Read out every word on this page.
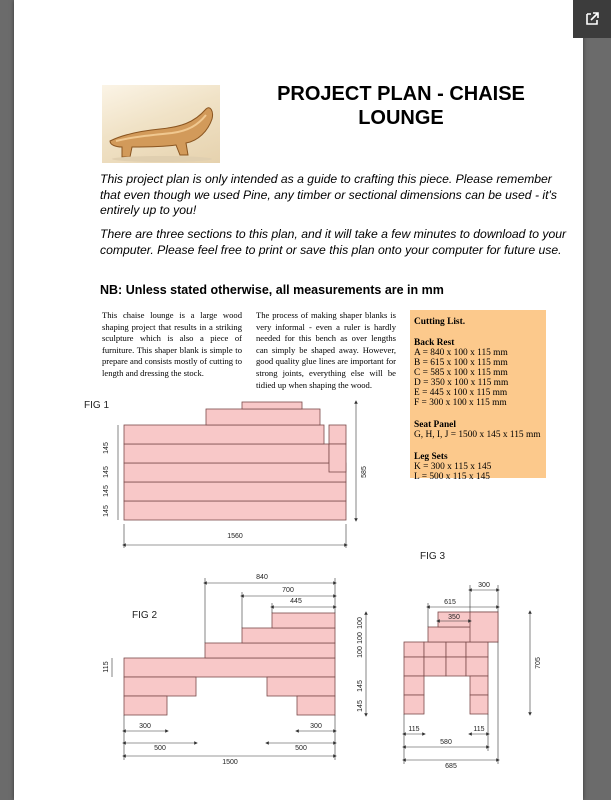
PROJECT PLAN - CHAISE LOUNGE
This project plan is only intended as a guide to crafting this piece. Please remember that even though we used Pine, any timber or sectional dimensions can be used - it's entirely up to you!
There are three sections to this plan, and it will take a few minutes to download to your computer. Please feel free to print or save this plan onto your computer for future use.
NB: Unless stated otherwise, all measurements are in mm
This chaise lounge is a large wood shaping project that results in a striking sculpture which is also a piece of furniture. This shaper blank is simple to prepare and consists mostly of cutting to length and dressing the stock.
The process of making shaper blanks is very informal - even a ruler is hardly needed for this bench as over lengths can simply be shaped away. However, good quality glue lines are important for strong joints, everything else will be tidied up when shaping the wood.
Cutting List.
Back Rest
A = 840 x 100 x 115 mm
B = 615 x 100 x 115 mm
C = 585 x 100 x 115 mm
D = 350 x 100 x 115 mm
E = 445 x 100 x 115 mm
F = 300 x 100 x 115 mm
Seat Panel
G, H, I, J = 1500 x 145 x 115 mm
Leg Sets
K = 300 x 115 x 145
L = 500 x 115 x 145
FIG 1
FIG 2
FIG 3
1560
585
145
145
145
145
840
700
445
100
100
100
145
145
115
300	300
500	500
1500
300
615
350
705
115	115
580
685
